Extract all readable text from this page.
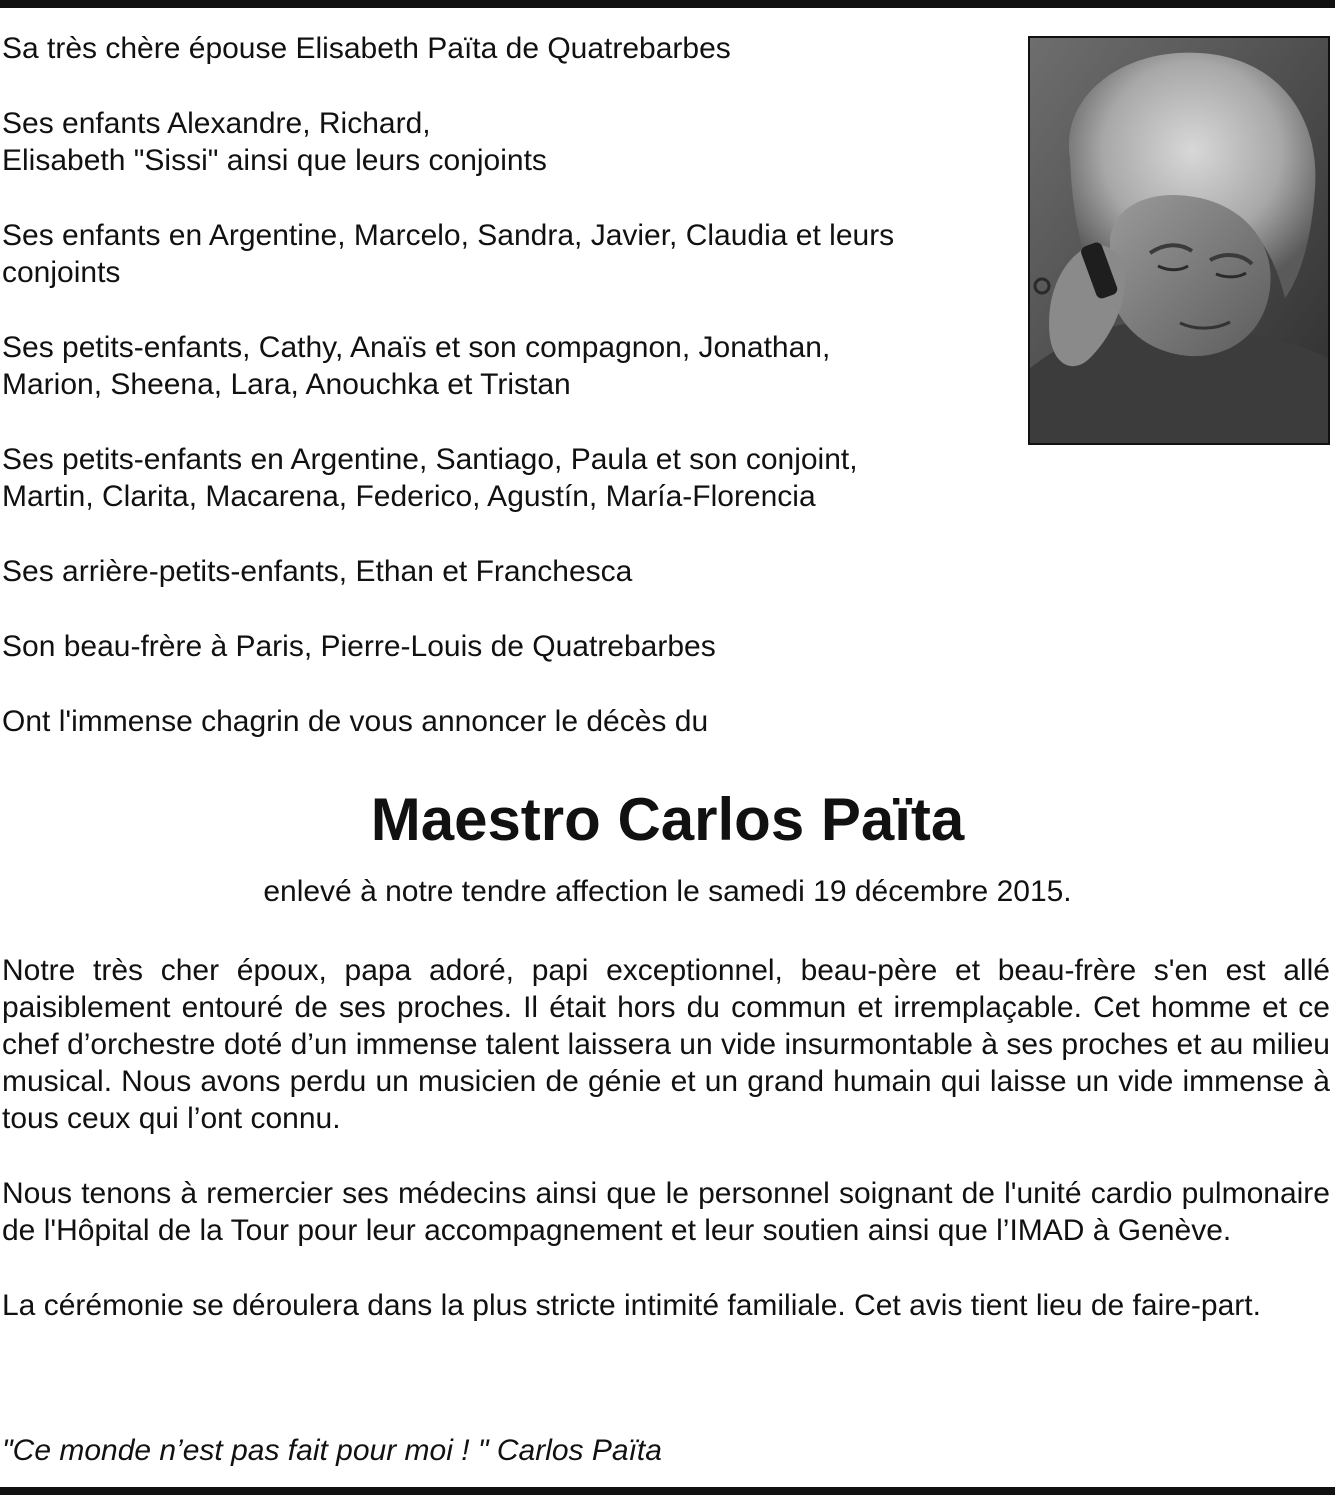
Sa très chère épouse Elisabeth Païta de Quatrebarbes

Ses enfants Alexandre, Richard,
Elisabeth "Sissi" ainsi que leurs conjoints

Ses enfants en Argentine, Marcelo, Sandra, Javier, Claudia et leurs
conjoints

Ses petits-enfants, Cathy, Anaïs et son compagnon, Jonathan,
Marion, Sheena, Lara, Anouchka et Tristan

Ses petits-enfants en Argentine, Santiago, Paula et son conjoint,
Martin, Clarita, Macarena, Federico, Agustín, María-Florencia

Ses arrière-petits-enfants, Ethan et Franchesca

Son beau-frère à Paris, Pierre-Louis de Quatrebarbes

Ont l'immense chagrin de vous annoncer le décès du

Maestro Carlos Païta
enlevé à notre tendre affection le samedi 19 décembre 2015.

Notre très cher époux, papa adoré, papi exceptionnel, beau-père et beau-frère s'en est allé paisiblement entouré de ses proches. Il était hors du commun et irremplaçable. Cet homme et ce chef d’orchestre doté d’un immense talent laissera un vide insurmontable à ses proches et au milieu musical. Nous avons perdu un musicien de génie et un grand humain qui laisse un vide immense à tous ceux qui l’ont connu.

Nous tenons à remercier ses médecins ainsi que le personnel soignant de l'unité cardio pulmonaire de l'Hôpital de la Tour pour leur accompagnement et leur soutien ainsi que l’IMAD à Genève.

La cérémonie se déroulera dans la plus stricte intimité familiale. Cet avis tient lieu de faire-part.

"Ce monde n’est pas fait pour moi ! " Carlos Païta
